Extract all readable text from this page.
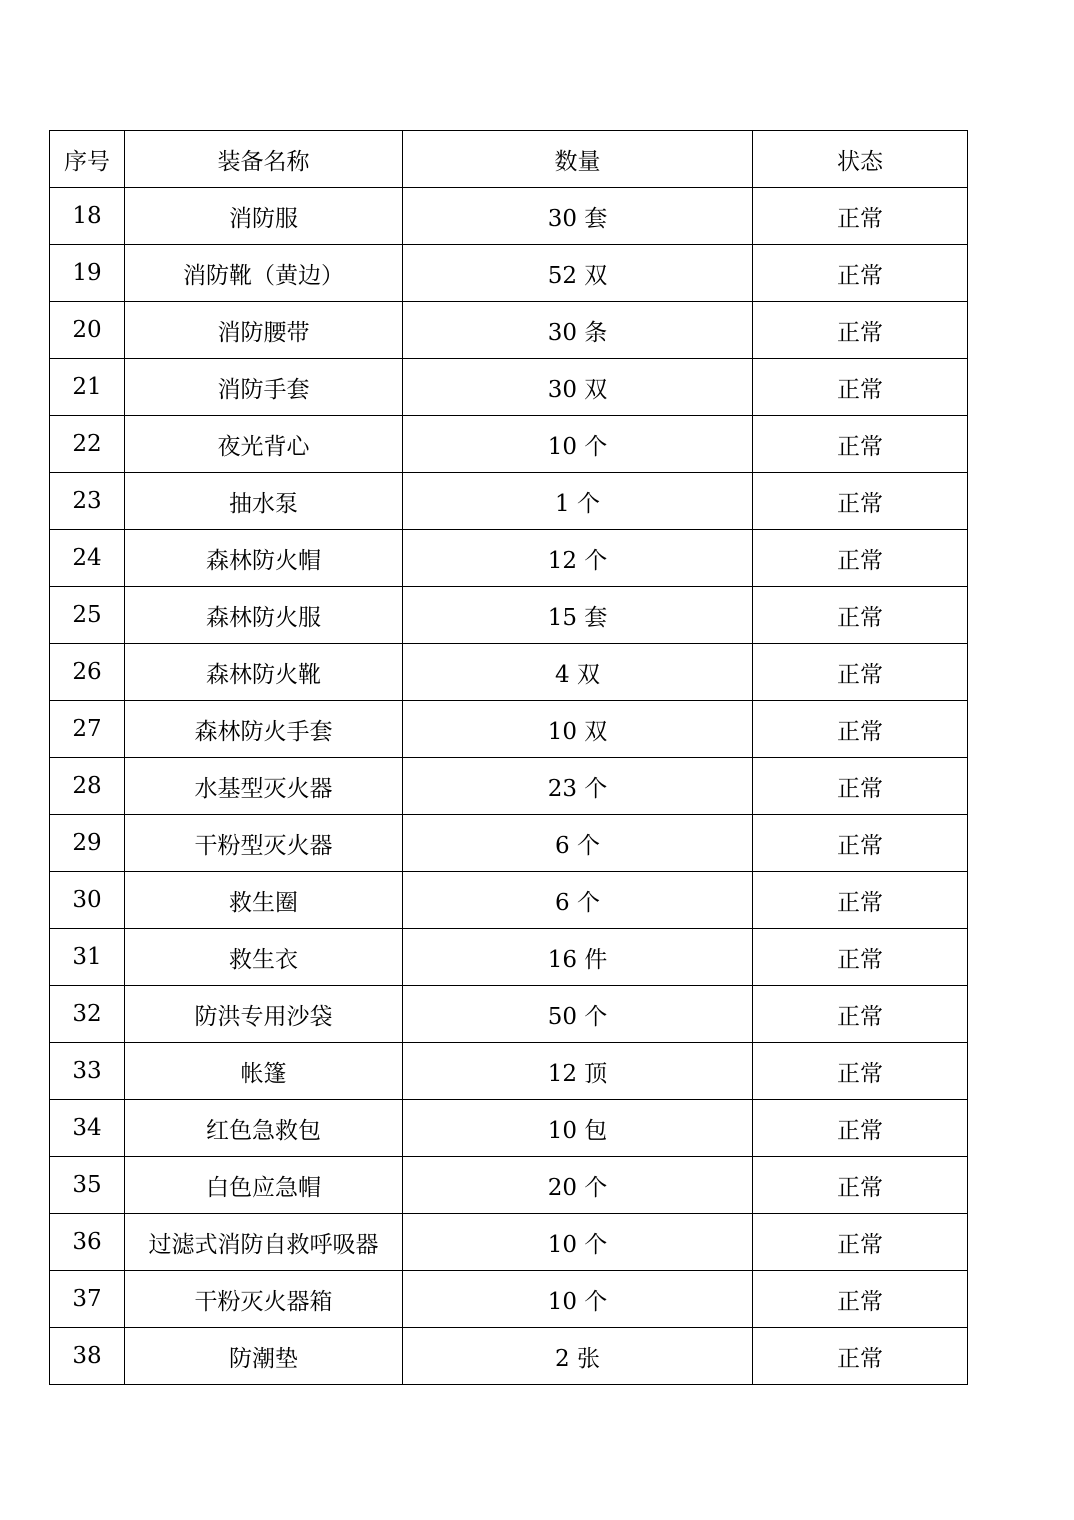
序号	装备名称	数量	状态
18	消防服	30 套	正常
19	消防靴（黄边）	52 双	正常
20	消防腰带	30 条	正常
21	消防手套	30 双	正常
22	夜光背心	10 个	正常
23	抽水泵	1 个	正常
24	森林防火帽	12 个	正常
25	森林防火服	15 套	正常
26	森林防火靴	4 双	正常
27	森林防火手套	10 双	正常
28	水基型灭火器	23 个	正常
29	干粉型灭火器	6 个	正常
30	救生圈	6 个	正常
31	救生衣	16 件	正常
32	防洪专用沙袋	50 个	正常
33	帐篷	12 顶	正常
34	红色急救包	10 包	正常
35	白色应急帽	20 个	正常
36	过滤式消防自救呼吸器	10 个	正常
37	干粉灭火器箱	10 个	正常
38	防潮垫	2 张	正常
